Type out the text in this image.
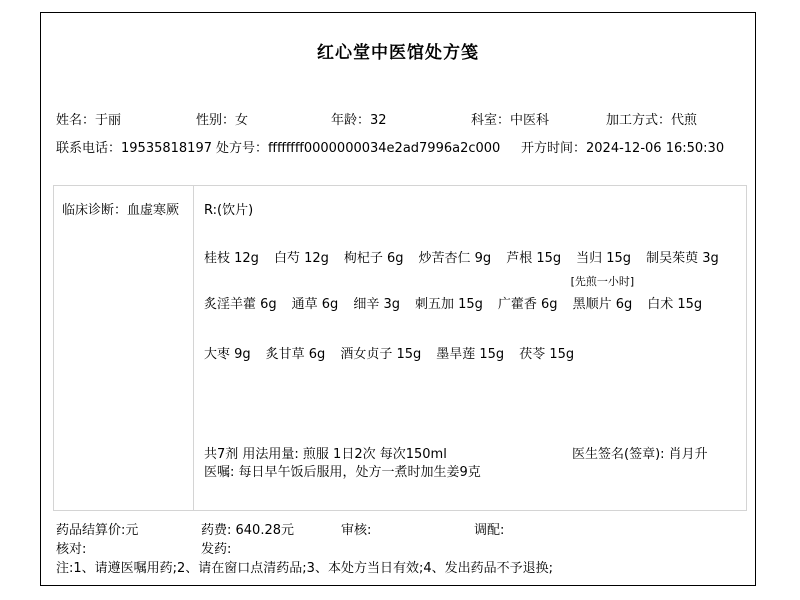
红心堂中医馆处方笺
姓名：于丽	性别：女	年龄：32	科室：中医科	加工方式：代煎
联系电话：19535818197 处方号：ffffffff0000000034e2ad7996a2c000 开方时间：2024-12-06 16:50:30
临床诊断：血虚寒厥	R:(饮片)
桂枝 12g 白芍 12g 枸杞子 6g 炒苦杏仁 9g 芦根 15g 当归 15g 制吴茱萸 3g
炙淫羊藿 6g 通草 6g 细辛 3g 刺五加 15g 广藿香 6g 黑顺片 6g
[先煎一小时]
白术 15g
大枣 9g 炙甘草 6g 酒女贞子 15g 墨旱莲 15g 茯苓 15g
共7剂 用法用量: 煎服 1日2次 每次150ml
医嘱: 每日早午饭后服用，处方一煮时加生姜9克
医生签名(签章): 肖月升
药品结算价:元	药费: 640.28元	审核:	调配:
核对:	发药:
注:1、请遵医嘱用药;2、请在窗口点清药品;3、本处方当日有效;4、发出药品不予退换;
